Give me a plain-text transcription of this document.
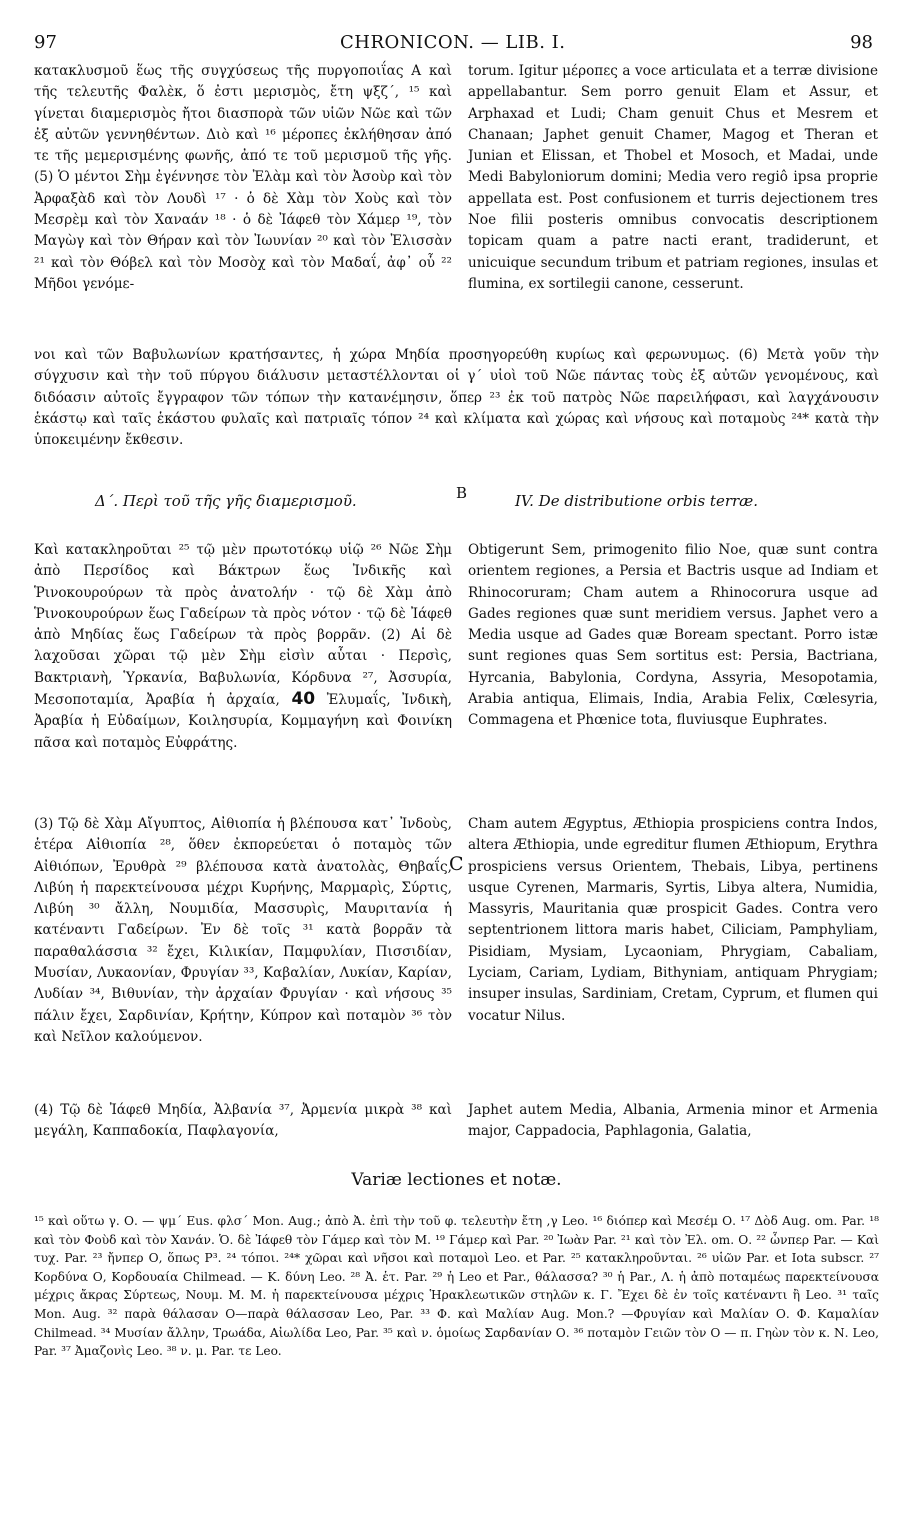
97	CHRONICON. — LIB. I.	98

κατακλυσμοῦ ἕως τῆς συγχύσεως τῆς πυργοποιΐας A καὶ τῆς τελευτῆς Φαλὲκ, ὅ ἐστι μερισμὸς, ἔτη ψξζ΄, ¹⁵ καὶ γίνεται διαμερισμὸς ἤτοι διασπορὰ τῶν υἱῶν Νῶε καὶ τῶν ἐξ αὐτῶν γεννηθέντων. Διὸ καὶ ¹⁶ μέροπες ἐκλήθησαν ἀπό τε τῆς μεμερισμένης φωνῆς, ἀπό τε τοῦ μερισμοῦ τῆς γῆς. (5) Ὁ μέντοι Σὴμ ἐγέννησε τὸν Ἐλὰμ καὶ τὸν Ἀσοὺρ καὶ τὸν Ἀρφαξὰδ καὶ τὸν Λουδὶ ¹⁷ · ὁ δὲ Χὰμ τὸν Χοὺς καὶ τὸν Μεσρὲμ καὶ τὸν Χαναάν ¹⁸ · ὁ δὲ Ἰάφεθ τὸν Χάμερ ¹⁹, τὸν Μαγὼγ καὶ τὸν Θήραν καὶ τὸν Ἰωυνίαν ²⁰ καὶ τὸν Ἐλισσὰν ²¹ καὶ τὸν Θόβελ καὶ τὸν Μοσὸχ καὶ τὸν Μαδαΐ, ἀφ᾽ οὗ ²² Μῆδοι γενόμε-

torum. Igitur μέροπες a voce articulata et a terræ divisione appellabantur. Sem porro genuit Elam et Assur, et Arphaxad et Ludi; Cham genuit Chus et Mesrem et Chanaan; Japhet genuit Chamer, Magog et Theran et Junian et Elissan, et Thobel et Mosoch, et Madai, unde Medi Babyloniorum domini; Media vero regiô ipsa proprie appellata est. Post confusionem et turris dejectionem tres Noe filii posteris omnibus convocatis descriptionem topicam quam a patre nacti erant, tradiderunt, et unicuique secundum tribum et patriam regiones, insulas et flumina, ex sortilegii canone, cesserunt.

νοι καὶ τῶν Βαβυλωνίων κρατήσαντες, ἡ χώρα Μηδία προσηγορεύθη κυρίως καὶ φερωνυμως. (6) Μετὰ γοῦν τὴν σύγχυσιν καὶ τὴν τοῦ πύργου διάλυσιν μεταστέλλονται οἱ γ΄ υἱοὶ τοῦ Νῶε πάντας τοὺς ἐξ αὐτῶν γενομένους, καὶ διδόασιν αὐτοῖς ἔγγραφον τῶν τόπων τὴν κατανέμησιν, ὅπερ ²³ ἐκ τοῦ πατρὸς Νῶε παρειλήφασι, καὶ λαγχάνουσιν ἑκάστῳ καὶ ταῖς ἑκάστου φυλαῖς καὶ πατριαῖς τόπον ²⁴ καὶ κλίματα καὶ χώρας καὶ νήσους καὶ ποταμοὺς ²⁴* κατὰ τὴν ὑποκειμένην ἔκθεσιν.
Δ΄. Περὶ τοῦ τῆς γῆς διαμερισμοῦ.	B	IV. De distributione orbis terræ.

Καὶ κατακληροῦται ²⁵ τῷ μὲν πρωτοτόκῳ υἱῷ ²⁶ Νῶε Σὴμ ἀπὸ Περσίδος καὶ Βάκτρων ἕως Ἰνδικῆς καὶ Ῥινοκουρούρων τὰ πρὸς ἀνατολήν · τῷ δὲ Χὰμ ἀπὸ Ῥινοκουρούρων ἕως Γαδείρων τὰ πρὸς νότον · τῷ δὲ Ἰάφεθ ἀπὸ Μηδίας ἕως Γαδείρων τὰ πρὸς βορρᾶν. (2) Αἱ δὲ λαχοῦσαι χῶραι τῷ μὲν Σὴμ εἰσὶν αὗται · Περσὶς, Βακτριανὴ, Ὑρκανία, Βαβυλωνία, Κόρδυνα ²⁷, Ἀσσυρία, Μεσοποταμία, Ἀραβία ἡ ἀρχαία, 40 Ἐλυμαΐς, Ἰνδικὴ, Ἀραβία ἡ Εὐδαίμων, Κοιλησυρία, Κομμαγήνη καὶ Φοινίκη πᾶσα καὶ ποταμὸς Εὐφράτης.

Obtigerunt Sem, primogenito filio Noe, quæ sunt contra orientem regiones, a Persia et Bactris usque ad Indiam et Rhinocoruram; Cham autem a Rhinocorura usque ad Gades regiones quæ sunt meridiem versus. Japhet vero a Media usque ad Gades quæ Boream spectant. Porro istæ sunt regiones quas Sem sortitus est: Persia, Bactriana, Hyrcania, Babylonia, Cordyna, Assyria, Mesopotamia, Arabia antiqua, Elimais, India, Arabia Felix, Cœlesyria, Commagena et Phœnice tota, fluviusque Euphrates.

(3) Τῷ δὲ Χὰμ Αἴγυπτος, Αἰθιοπία ἡ βλέπουσα κατ᾽ Ἰνδοὺς, ἑτέρα Αἰθιοπία ²⁸, ὅθεν ἐκπορεύεται ὁ ποταμὸς τῶν Αἰθιόπων, Ἐρυθρὰ ²⁹ βλέπουσα κατὰ ἀνατολὰς, Θηβαΐς, Λιβύη ἡ παρεκτείνουσα μέχρι Κυρήνης, Μαρμαρὶς, Σύρτις, Λιβύη ³⁰ ἄλλη, Νουμιδία, Μασσυρὶς, Μαυριτανία ἡ κατέναντι Γαδείρων. Ἐν δὲ τοῖς ³¹ κατὰ βορρᾶν τὰ παραθαλάσσια ³² ἔχει, Κιλικίαν, Παμφυλίαν, Πισσιδίαν, Μυσίαν, Λυκαονίαν, Φρυγίαν ³³, Καβαλίαν, Λυκίαν, Καρίαν, Λυδίαν ³⁴, Βιθυνίαν, τὴν ἀρχαίαν Φρυγίαν · καὶ νήσους ³⁵ πάλιν ἔχει, Σαρδινίαν, Κρήτην, Κύπρον καὶ ποταμὸν ³⁶ τὸν καὶ Νεῖλον καλούμενον.

C

Cham autem Ægyptus, Æthiopia prospiciens contra Indos, altera Æthiopia, unde egreditur flumen Æthiopum, Erythra prospiciens versus Orientem, Thebais, Libya, pertinens usque Cyrenen, Marmaris, Syrtis, Libya altera, Numidia, Massyris, Mauritania quæ prospicit Gades. Contra vero septentrionem littora maris habet, Ciliciam, Pamphyliam, Pisidiam, Mysiam, Lycaoniam, Phrygiam, Cabaliam, Lyciam, Cariam, Lydiam, Bithyniam, antiquam Phrygiam; insuper insulas, Sardiniam, Cretam, Cyprum, et flumen qui vocatur Nilus.

(4) Τῷ δὲ Ἰάφεθ Μηδία, Ἀλβανία ³⁷, Ἀρμενία μικρὰ ³⁸ καὶ μεγάλη, Καππαδοκία, Παφλαγονία,

Japhet autem Media, Albania, Armenia minor et Armenia major, Cappadocia, Paphlagonia, Galatia,

Variæ lectiones et notæ.

¹⁵ καὶ οὕτω γ. Ο. — ψμ΄ Eus. φλσ΄ Mon. Aug.; ἀπὸ Ἀ. ἐπὶ τὴν τοῦ φ. τελευτὴν ἔτη ,γ Leo. ¹⁶ διόπερ καὶ Μεσέμ Ο. ¹⁷ Δὸδ Aug. om. Par. ¹⁸ καὶ τὸν Φοὺδ καὶ τὸν Χανάν. Ὁ. δὲ Ἰάφεθ τὸν Γάμερ καὶ τὸν Μ. ¹⁹ Γάμερ καὶ Par. ²⁰ Ἰωὰν Par. ²¹ καὶ τὸν Ἐλ. om. Ο. ²² ὧνπερ Par. — Καὶ τυχ. Par. ²³ ἤνπερ Ο, ὅπως P³. ²⁴ τόποι. ²⁴* χῶραι καὶ νῆσοι καὶ ποταμοὶ Leo. et Par. ²⁵ κατακληροῦνται. ²⁶ υἱῶν Par. et Iota subscr. ²⁷ Κορδύνα Ο, Κορδουαία Chilmead. — Κ. δύνη Leo. ²⁸ Ἀ. ἑτ. Par. ²⁹ ἡ Leo et Par., θάλασσα? ³⁰ ἡ Par., Λ. ἡ ἀπὸ ποταμέως παρεκτείνουσα μέχρις ἄκρας Σύρτεως, Νουμ. Μ. Μ. ἡ παρεκτείνουσα μέχρις Ἡρακλεωτικῶν στηλῶν κ. Γ. Ἔχει δὲ ἐν τοῖς κατέναντι ἢ Leo. ³¹ ταῖς Mon. Aug. ³² παρὰ θάλασαν Ο—παρὰ θάλασσαν Leo, Par. ³³ Φ. καὶ Μαλίαν Aug. Mon.? —Φρυγίαν καὶ Μαλίαν Ο. Φ. Καμαλίαν Chilmead. ³⁴ Μυσίαν ἄλλην, Τρωάδα, Αἰωλίδα Leo, Par. ³⁵ καὶ ν. ὁμοίως Σαρδανίαν Ο. ³⁶ ποταμὸν Γειῶν τὸν Ο — π. Γηὼν τὸν κ. Ν. Leo, Par. ³⁷ Ἀμαζονὶς Leo. ³⁸ ν. μ. Par. τε Leo.
